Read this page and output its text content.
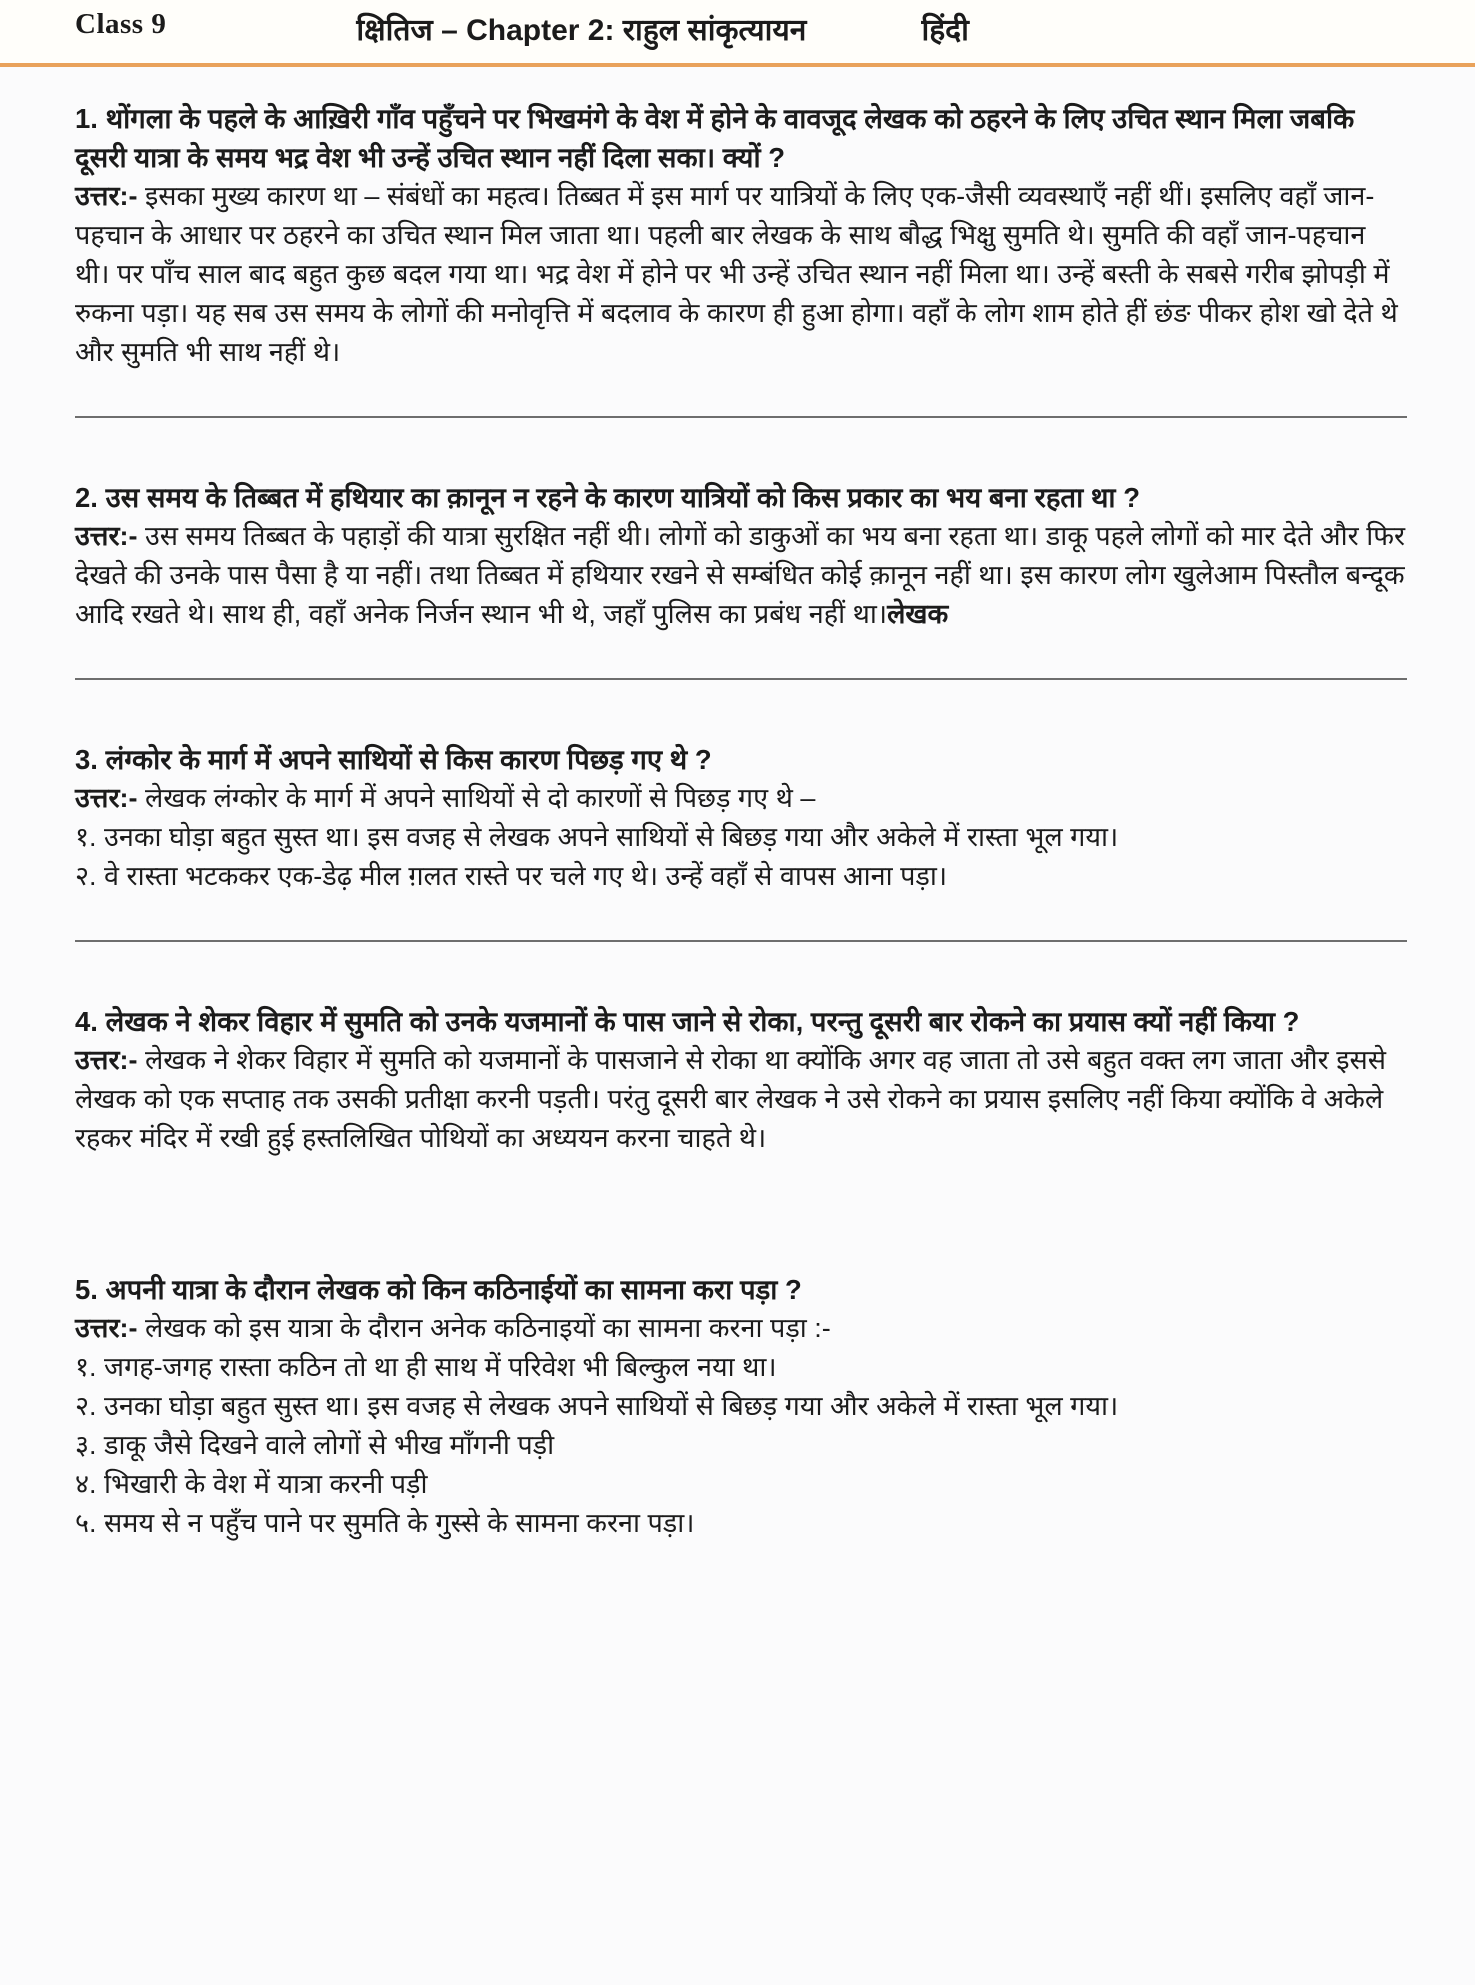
Class 9	क्षितिज – Chapter 2: राहुल सांकृत्यायन	हिंदी

1. थोंगला के पहले के आख़िरी गाँव पहुँचने पर भिखमंगे के वेश में होने के वावजूद लेखक को ठहरने के लिए उचित स्थान मिला जबकि दूसरी यात्रा के समय भद्र वेश भी उन्हें उचित स्थान नहीं दिला सका। क्यों ?

उत्तर:- इसका मुख्य कारण था – संबंधों का महत्व। तिब्बत में इस मार्ग पर यात्रियों के लिए एक-जैसी व्यवस्थाएँ नहीं थीं। इसलिए वहाँ जान-पहचान के आधार पर ठहरने का उचित स्थान मिल जाता था। पहली बार लेखक के साथ बौद्ध भिक्षु सुमति थे। सुमति की वहाँ जान-पहचान थी। पर पाँच साल बाद बहुत कुछ बदल गया था। भद्र वेश में होने पर भी उन्हें उचित स्थान नहीं मिला था। उन्हें बस्ती के सबसे गरीब झोपड़ी में रुकना पड़ा। यह सब उस समय के लोगों की मनोवृत्ति में बदलाव के कारण ही हुआ होगा। वहाँ के लोग शाम होते हीं छंङ पीकर होश खो देते थे और सुमति भी साथ नहीं थे।

2. उस समय के तिब्बत में हथियार का क़ानून न रहने के कारण यात्रियों को किस प्रकार का भय बना रहता था ?

उत्तर:- उस समय तिब्बत के पहाड़ों की यात्रा सुरक्षित नहीं थी। लोगों को डाकुओं का भय बना रहता था। डाकू पहले लोगों को मार देते और फिर देखते की उनके पास पैसा है या नहीं। तथा तिब्बत में हथियार रखने से सम्बंधित कोई क़ानून नहीं था। इस कारण लोग खुलेआम पिस्तौल बन्दूक आदि रखते थे। साथ ही, वहाँ अनेक निर्जन स्थान भी थे, जहाँ पुलिस का प्रबंध नहीं था।लेखक

3. लंग्कोर के मार्ग में अपने साथियों से किस कारण पिछड़ गए थे ?

उत्तर:- लेखक लंग्कोर के मार्ग में अपने साथियों से दो कारणों से पिछड़ गए थे –

१. उनका घोड़ा बहुत सुस्त था। इस वजह से लेखक अपने साथियों से बिछड़ गया और अकेले में रास्ता भूल गया।

२. वे रास्ता भटककर एक-डेढ़ मील ग़लत रास्ते पर चले गए थे। उन्हें वहाँ से वापस आना पड़ा।

4. लेखक ने शेकर विहार में सुमति को उनके यजमानों के पास जाने से रोका, परन्तु दूसरी बार रोकने का प्रयास क्यों नहीं किया ?

उत्तर:- लेखक ने शेकर विहार में सुमति को यजमानों के पासजाने से रोका था क्योंकि अगर वह जाता तो उसे बहुत वक्त लग जाता और इससे लेखक को एक सप्ताह तक उसकी प्रतीक्षा करनी पड़ती। परंतु दूसरी बार लेखक ने उसे रोकने का प्रयास इसलिए नहीं किया क्योंकि वे अकेले रहकर मंदिर में रखी हुई हस्तलिखित पोथियों का अध्ययन करना चाहते थे।

5. अपनी यात्रा के दौरान लेखक को किन कठिनाईयों का सामना करा पड़ा ?

उत्तर:- लेखक को इस यात्रा के दौरान अनेक कठिनाइयों का सामना करना पड़ा :-

१. जगह-जगह रास्ता कठिन तो था ही साथ में परिवेश भी बिल्कुल नया था।

२. उनका घोड़ा बहुत सुस्त था। इस वजह से लेखक अपने साथियों से बिछड़ गया और अकेले में रास्ता भूल गया।

३. डाकू जैसे दिखने वाले लोगों से भीख माँगनी पड़ी

४. भिखारी के वेश में यात्रा करनी पड़ी

५. समय से न पहुँच पाने पर सुमति के गुस्से के सामना करना पड़ा।
